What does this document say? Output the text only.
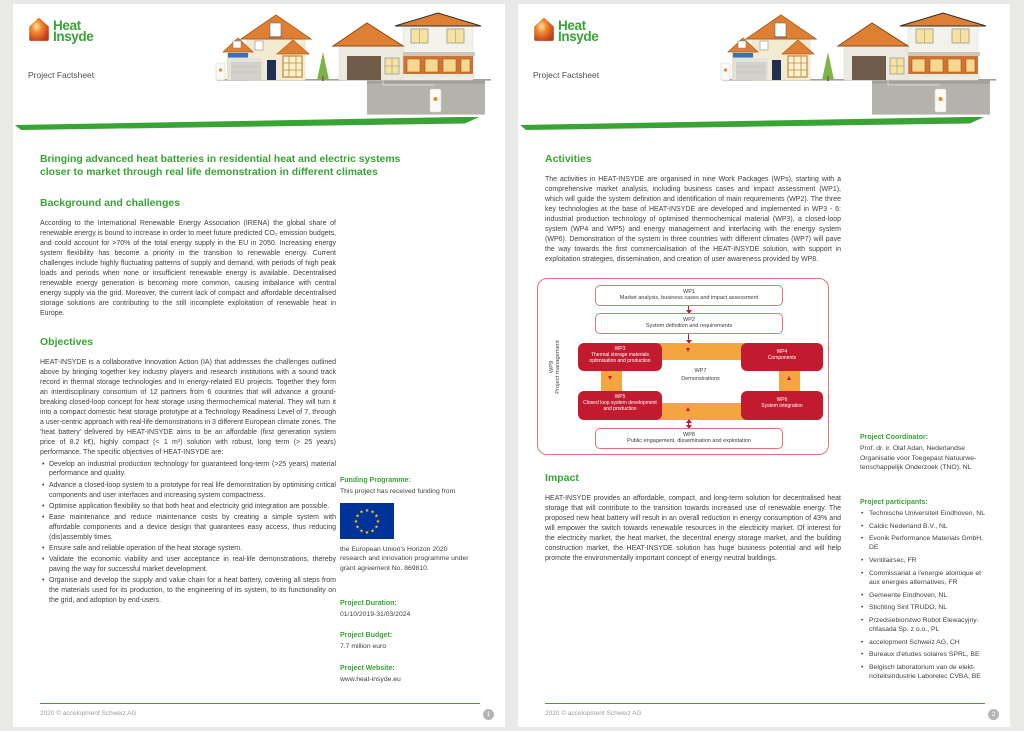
Heat
Insyde
Project Factsheet
Bringing advanced heat batteries in residential heat and electric systems
closer to market through real life demonstration in different climates
Background and challenges

According to the International Renewable Energy Association (IRENA) the global share of renewable energy is bound to increase in order to meet future predicted CO₂ emission budgets, and could account for >70% of the total energy supply in the EU in 2050. Increasing energy system flexibility has become a priority in the transition to renewable energy. Current challenges include highly fluctuating patterns of supply and demand, with periods of high peak loads and periods when none or insufficient renewable energy is available. Decentralised renewable energy generation is becoming more common, causing imbalance with central energy supply via the grid. Moreover, the current lack of compact and affordable decentralised storage solutions are contributing to the still incomplete exploitation of renewable heat in Europe.

Objectives

HEAT-INSYDE is a collaborative Innovation Action (IA) that addresses the challenges outlined above by bringing together key industry players and research institutions with a sound track record in thermal storage technologies and in energy-related EU projects. Together they form an interdisciplinary consortium of 12 partners from 6 countries that will advance a ground-breaking closed-loop concept for heat storage using thermochemical material. They will turn it into a compact domestic heat storage prototype at a Technology Readiness Level of 7, through a user-centric approach with real-life demonstrations in 3 different European climate zones. The 'heat battery' delivered by HEAT-INSYDE aims to be an affordable (first generation system price of 8.2 k€), highly compact (< 1 m³) solution with robust, long term (> 25 years) performance. The specific objectives of HEAT-INSYDE are:

• Develop an industrial production technology for guaranteed long-term (>25 years) material performance and quality.
• Advance a closed-loop system to a prototype for real life demonstration by optimising critical components and user interfaces and increasing system compactness.
• Optimise application flexibility so that both heat and electricity grid integration are possible.
• Ease maintenance and reduce maintenance costs by creating a simple system with affordable components and a device design that guarantees easy access, thus reducing (dis)assembly times.
• Ensure safe and reliable operation of the heat storage system.
• Validate the economic viability and user acceptance in real-life demonstrations, thereby paving the way for successful market development.
• Organise and develop the supply and value chain for a heat battery, covering all steps from the materials used for its production, to the engineering of its system, to its functionality on the grid, and adoption by end-users.
Funding Programme:
This project has received funding from
★ ★
★
★
★
★
★
★
★
★
★
★
the European Union's Horizon 2020 research and innovation programme under grant agreement No. 869810.
Project Duration:
01/10/2019-31/03/2024
Project Budget:
7.7 million euro
Project Website:
www.heat-insyde.eu
2020 © accelopment Schweiz AG	1
Heat
Insyde
Project Factsheet
Activities

The activities in HEAT-INSYDE are organised in nine Work Packages (WPs), starting with a comprehensive market analysis, including business cases and impact assessment (WP1), which will guide the system definition and identification of main requirements (WP2). The three key technologies at the base of HEAT-INSYDE are developed and implemented in WP3 - 6: industrial production technology of optimised thermochemical material (WP3), a closed-loop system (WP4 and WP5) and energy management and interfacing with the energy system (WP6). Demonstration of the system in three countries with different climates (WP7) will pave the way towards the first commercialisation of the HEAT-INSYDE solution, with support in exploitation strategies, dissemination, and creation of user awareness provided by WP8.

WP9 Project management
WP1
Market analysis, business cases and impact assessment
WP2
System definition and requirements
WP3
Thermal storage materials optimisation and production
WP4
Components
WP5
Closed loop system development and production
WP6
System integration
WP7
Demonstrations
WP8
Public engagement, dissemination and exploitation
Impact

HEAT-INSYDE provides an affordable, compact, and long-term solution for decentralised heat storage that will contribute to the transition towards increased use of renewable energy. The proposed new heat battery will result in an overall reduction in energy consumption of 43% and will empower the switch towards renewable resources in the electricity market. Of interest for the electricity market, the heat market, the decentral energy storage market, and the building construction market, the HEAT-INSYDE solution has huge business potential and will help promote the environmentally important concept of energy neutral buildings.

Project Coordinator:
Prof. dr. ir. Olaf Adan, Nederlandse Organisatie voor Toegepast Natuurwe-tenschappelijk Onderzoek (TNO), NL
Project participants:
• Technische Universiteit Eindhoven, NL
• Caldic Nederland B.V., NL
• Evonik Performance Materials GmbH, DE
• Ventilairsec, FR
• Commissariat a l'energie atomique et aux energies alternatives, FR
• Gemeente Eindhoven, NL
• Stichting Sint TRUDO, NL
• Przedsiebiorstwo Robot Elewacyjny-chfasada Sp. z o.o., PL
• accelopment Schweiz AG, CH
• Bureaux d'etudes solaires SPRL, BE
• Belgisch laboratorium van de elekt-riciteitsindustrie Laborelec CVBA, BE
2020 © accelopment Schweiz AG	2
